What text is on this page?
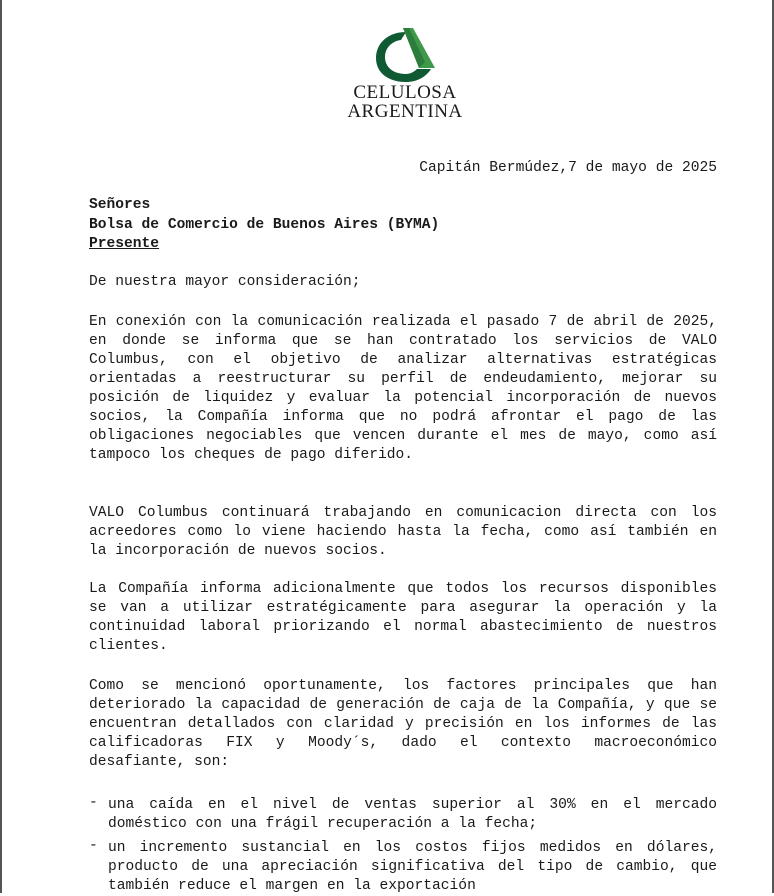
CELULOSA
ARGENTINA
Capitán Bermúdez,7 de mayo de 2025
Señores
Bolsa de Comercio de Buenos Aires (BYMA)
Presente
De nuestra mayor consideración;

En conexión con la comunicación realizada el pasado 7 de abril de 2025, en donde se informa que se han contratado los servicios de VALO Columbus, con el objetivo de analizar alternativas estratégicas orientadas a reestructurar su perfil de endeudamiento, mejorar su posición de liquidez y evaluar la potencial incorporación de nuevos socios, la Compañía informa que no podrá afrontar el pago de las obligaciones negociables que vencen durante el mes de mayo, como así tampoco los cheques de pago diferido.

VALO Columbus continuará trabajando en comunicacion directa con los acreedores como lo viene haciendo hasta la fecha, como así también en la incorporación de nuevos socios.

La Compañía informa adicionalmente que todos los recursos disponibles se van a utilizar estratégicamente para asegurar la operación y la continuidad laboral priorizando el normal abastecimiento de nuestros clientes.

Como se mencionó oportunamente, los factores principales que han deteriorado la capacidad de generación de caja de la Compañía, y que se encuentran detallados con claridad y precisión en los informes de las calificadoras FIX y Moody´s, dado el contexto macroeconómico desafiante, son:

- una caída en el nivel de ventas superior al 30% en el mercado doméstico con una frágil recuperación a la fecha;
- un incremento sustancial en los costos fijos medidos en dólares, producto de una apreciación significativa del tipo de cambio, que también reduce el margen en la exportación
